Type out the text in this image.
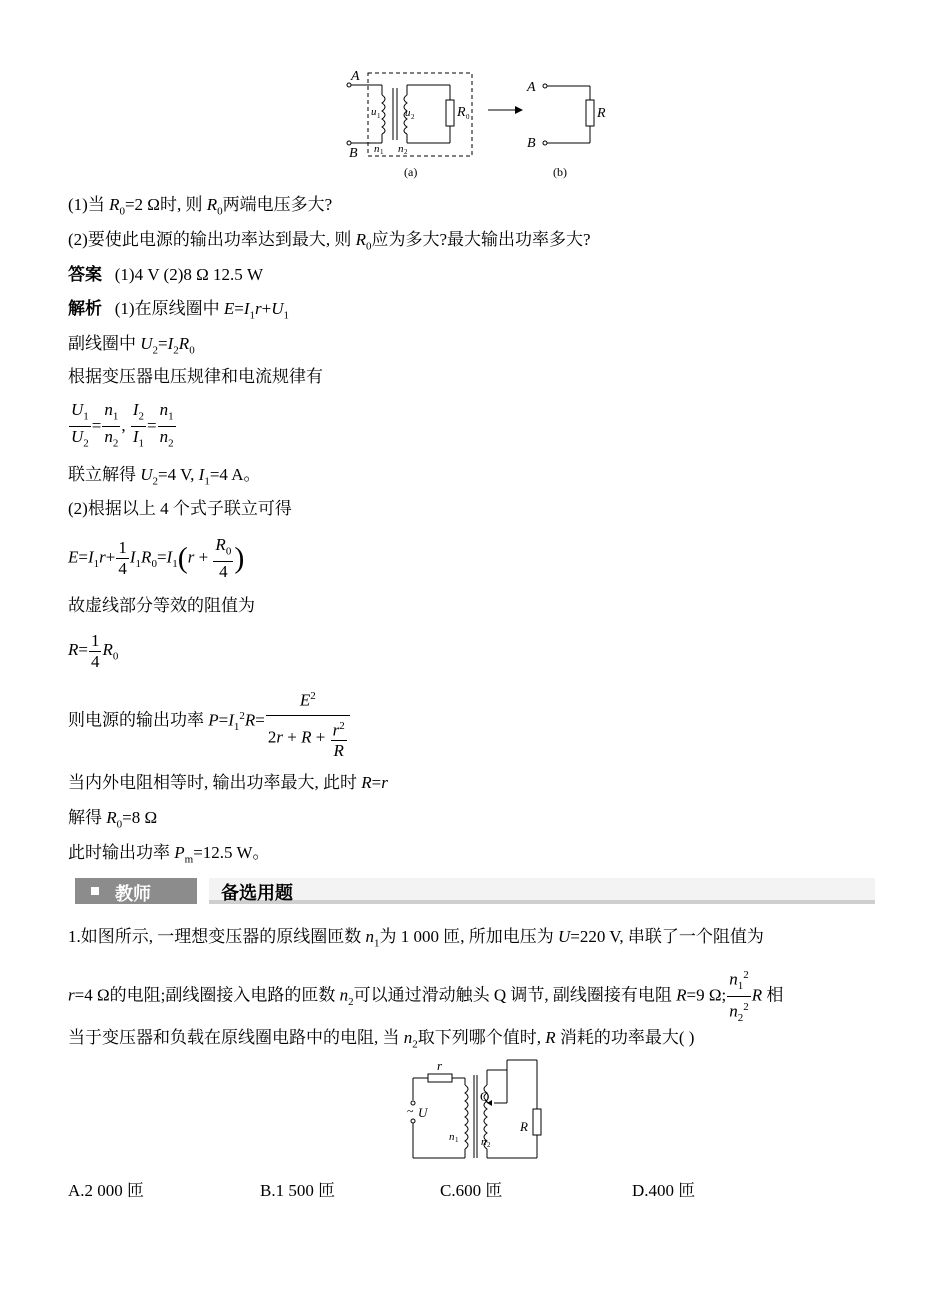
A
B
u	u
n n
R
A
B
R
1	2
1	2
0
(a)	(b)
(1)当 $R_0=2$ Ω时, 则 $R_0$两端电压多大?
(2)要使此电源的输出功率达到最大, 则 $R_0$应为多大?最大输出功率多大?
答案 (1)4 V (2)8 Ω 12.5 W
解析 (1)在原线圈中 $E=I_1r+U_1$
副线圈中 $U_2=I_2R_0$
根据变压器电压规律和电流规律有
$\frac{U_1}{U_2} = \frac{n_1}{n_2}$ , $\frac{I_2}{I_1} = \frac{n_1}{n_2}$
联立解得 $U_2=4$ V, $I_1=4$ A。
(2)根据以上 4 个式子联立可得
$E=I_1r+ \frac{1}{4} I_1R_0=I_1(r + \frac{R_0}{4}$ )
故虚线部分等效的阻值为
$R= \frac{1}{4} R_0$
则电源的输出功率 $P=I_1^2R= \frac{E^2}{2r + R + \frac{r^2}{R}}$
当内外电阻相等时, 输出功率最大, 此时 R=r
解得 $R_0=8$ Ω
此时输出功率 $P_m=12.5$ W。
教师	备选用题
1.如图所示, 一理想变压器的原线圈匝数 $n_1$为 1 000 匝, 所加电压为 U=220 V, 串联了一个阻值为
r=4 Ω的电阻;副线圈接入电路的匝数 $n_2$可以通过滑动触头 Q 调节, 副线圈接有电阻 R=9 Ω; $\frac{n_1^2}{n_2^2}$ R 相
当于变压器和负载在原线圈电路中的电阻, 当 $n_2$取下列哪个值时, R 消耗的功率最大( )
r
U
Q
R
n n
1
2
~
A.2 000 匝	B.1 500 匝	C.600 匝	D.400 匝
